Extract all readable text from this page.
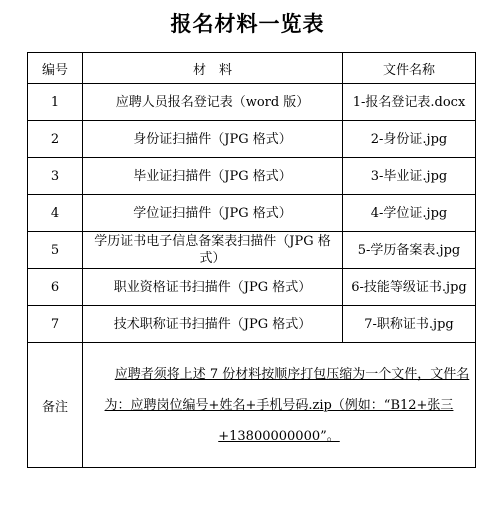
报名材料一览表
编号	材　料	文件名称
1	应聘人员报名登记表（word 版）	1-报名登记表.docx
2	身份证扫描件（JPG 格式）	2-身份证.jpg
3	毕业证扫描件（JPG 格式）	3-毕业证.jpg
4	学位证扫描件（JPG 格式）	4-学位证.jpg
5	学历证书电子信息备案表扫描件（JPG 格式）	5-学历备案表.jpg
6	职业资格证书扫描件（JPG 格式）	6-技能等级证书.jpg
7	技术职称证书扫描件（JPG 格式）	7-职称证书.jpg
备注	应聘者须将上述 7 份材料按顺序打包压缩为一个文件，文件名为：应聘岗位编号+姓名+手机号码.zip（例如：“B12+张三+13800000000”。	
